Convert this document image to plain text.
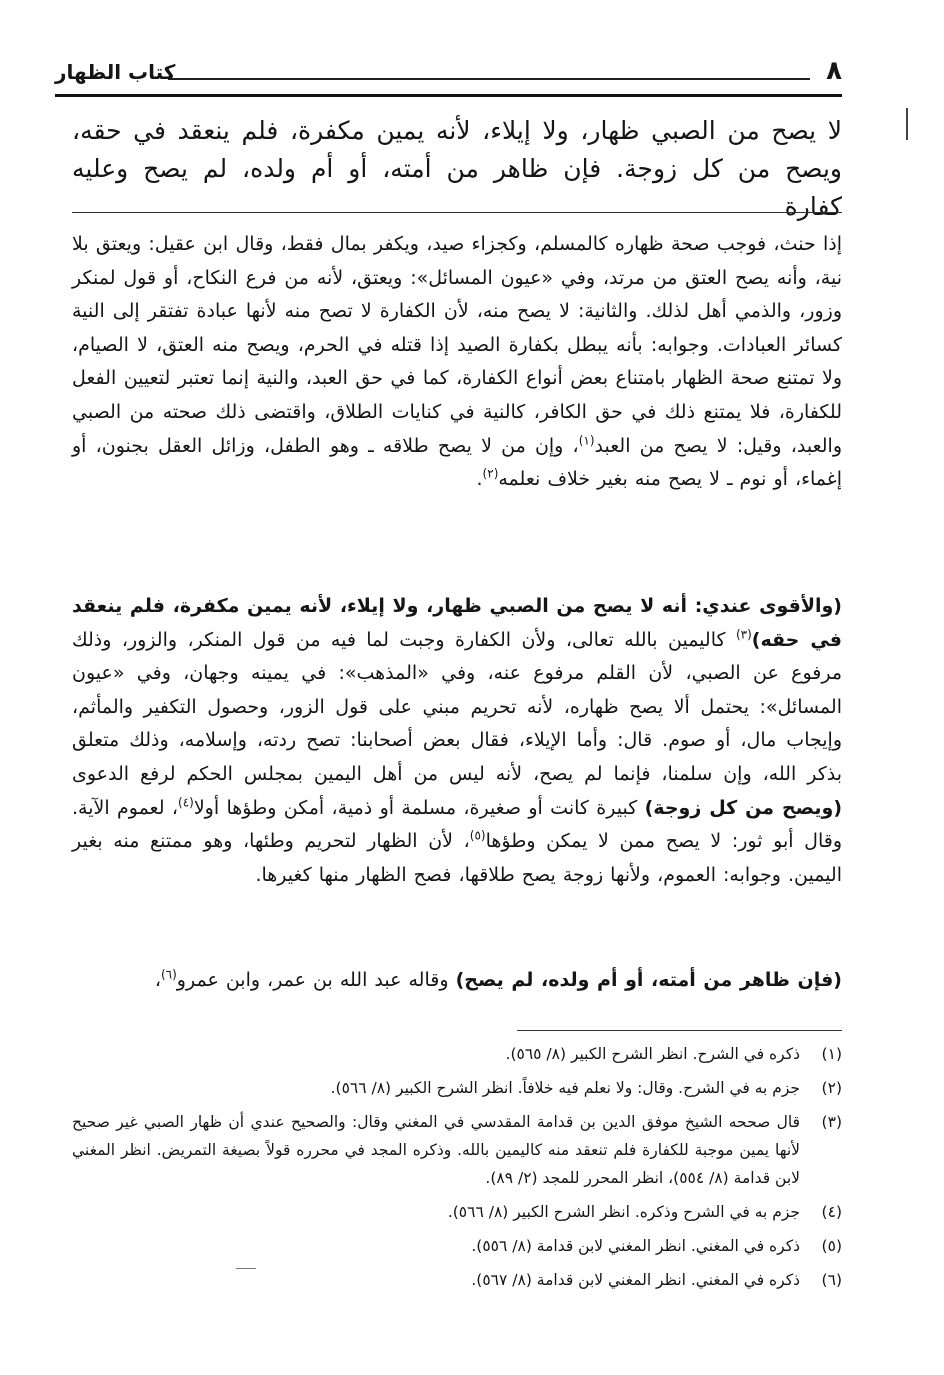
٨
كتاب الظهار
لا يصح من الصبي ظهار، ولا إيلاء، لأنه يمين مكفرة، فلم ينعقد في حقه، ويصح من كل زوجة. فإن ظاهر من أمته، أو أم ولده، لم يصح وعليه كفارة

إذا حنث، فوجب صحة ظهاره كالمسلم، وكجزاء صيد، ويكفر بمال فقط، وقال ابن عقيل: ويعتق بلا نية، وأنه يصح العتق من مرتد، وفي «عيون المسائل»: ويعتق، لأنه من فرع النكاح، أو قول لمنكر وزور، والذمي أهل لذلك. والثانية: لا يصح منه، لأن الكفارة لا تصح منه لأنها عبادة تفتقر إلى النية كسائر العبادات. وجوابه: بأنه يبطل بكفارة الصيد إذا قتله في الحرم، ويصح منه العتق، لا الصيام، ولا تمتنع صحة الظهار بامتناع بعض أنواع الكفارة، كما في حق العبد، والنية إنما تعتبر لتعيين الفعل للكفارة، فلا يمتنع ذلك في حق الكافر، كالنية في كنايات الطلاق، واقتضى ذلك صحته من الصبي والعبد، وقيل: لا يصح من العبد$^{(١)}$، وإن من لا يصح طلاقه ـ وهو الطفل، وزائل العقل بجنون، أو إغماء، أو نوم ـ لا يصح منه بغير خلاف نعلمه$^{(٢)}$.

(والأقوى عندي: أنه لا يصح من الصبي ظهار، ولا إيلاء، لأنه يمين مكفرة، فلم ينعقد في حقه)$^{(٣)}$ كاليمين بالله تعالى، ولأن الكفارة وجبت لما فيه من قول المنكر، والزور، وذلك مرفوع عن الصبي، لأن القلم مرفوع عنه، وفي «المذهب»: في يمينه وجهان، وفي «عيون المسائل»: يحتمل ألا يصح ظهاره، لأنه تحريم مبني على قول الزور، وحصول التكفير والمأثم، وإيجاب مال، أو صوم. قال: وأما الإيلاء، فقال بعض أصحابنا: تصح ردته، وإسلامه، وذلك متعلق بذكر الله، وإن سلمنا، فإنما لم يصح، لأنه ليس من أهل اليمين بمجلس الحكم لرفع الدعوى (ويصح من كل زوجة) كبيرة كانت أو صغيرة، مسلمة أو ذمية، أمكن وطؤها أولا$^{(٤)}$، لعموم الآية. وقال أبو ثور: لا يصح ممن لا يمكن وطؤها$^{(٥)}$، لأن الظهار لتحريم وطئها، وهو ممتنع منه بغير اليمين. وجوابه: العموم، ولأنها زوجة يصح طلاقها، فصح الظهار منها كغيرها.

(فإن ظاهر من أمته، أو أم ولده، لم يصح) وقاله عبد الله بن عمر، وابن عمرو$^{(٦)}$،

(١)
ذكره في الشرح. انظر الشرح الكبير (٨/ ٥٦٥).
(٢)
جزم به في الشرح. وقال: ولا نعلم فيه خلافاً. انظر الشرح الكبير (٨/ ٥٦٦).
(٣)
قال صححه الشيخ موفق الدين بن قدامة المقدسي في المغني وقال: والصحيح عندي أن ظهار الصبي غير صحيح لأنها يمين موجبة للكفارة فلم تنعقد منه كاليمين بالله. وذكره المجد في محرره قولاً بصيغة التمريض. انظر المغني لابن قدامة (٨/ ٥٥٤)، انظر المحرر للمجد (٢/ ٨٩).
(٤)
جزم به في الشرح وذكره. انظر الشرح الكبير (٨/ ٥٦٦).
(٥)
ذكره في المغني. انظر المغني لابن قدامة (٨/ ٥٥٦).
(٦)
ذكره في المغني. انظر المغني لابن قدامة (٨/ ٥٦٧).
